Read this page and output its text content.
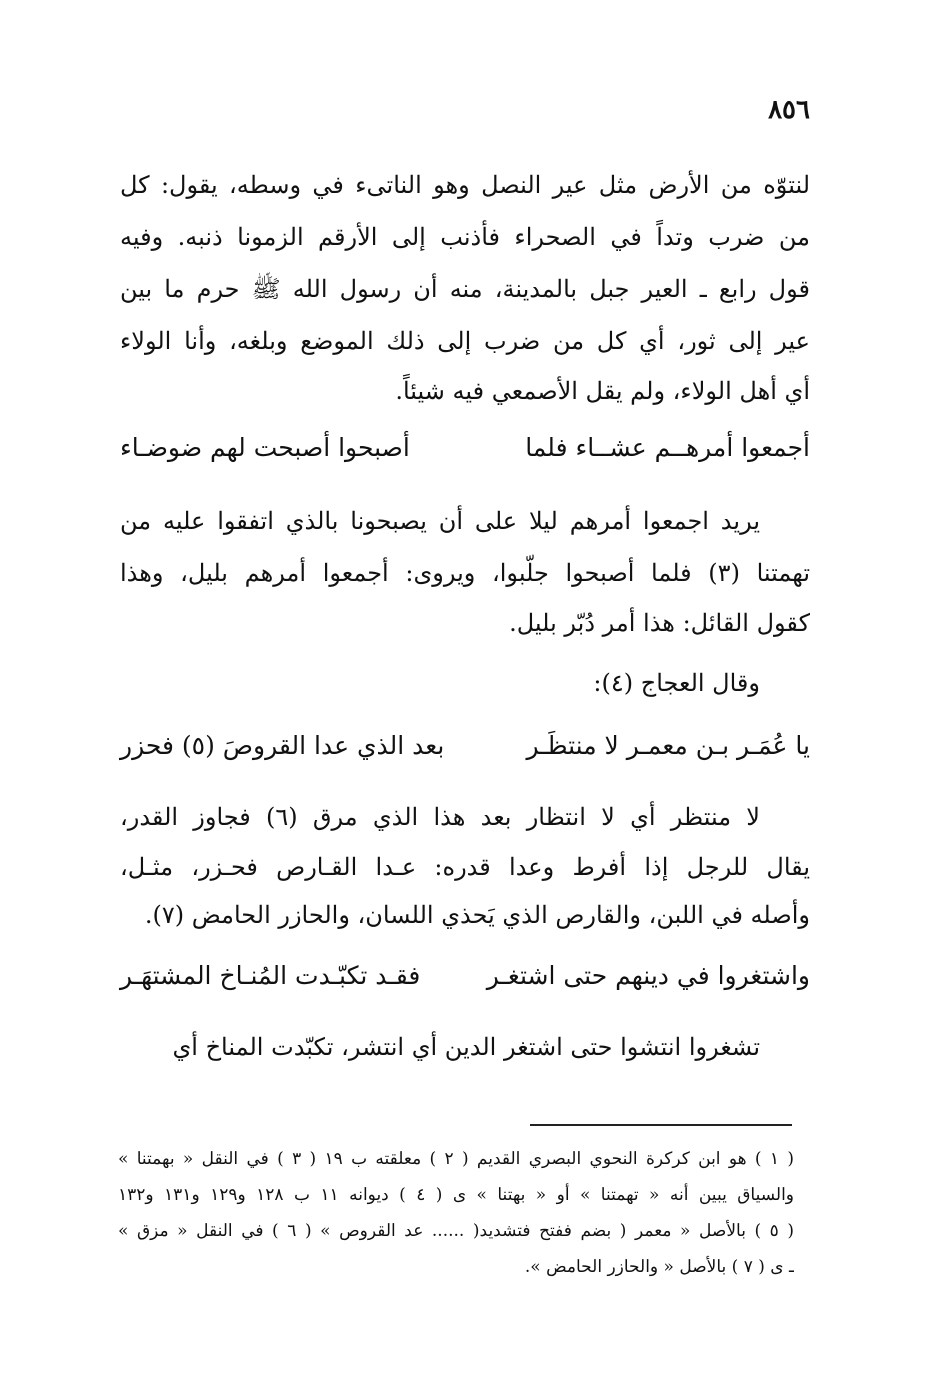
٨٥٦
لنتوّه من الأرض مثل عير النصل وهو الناتىء في وسطه، يقول: كل
من ضرب وتداً في الصحراء فأذنب إلى الأرقم الزمونا ذنبه. وفيه
قول رابع ـ العير جبل بالمدينة، منه أن رسول الله ﷺ حرم ما بين
عير إلى ثور، أي كل من ضرب إلى ذلك الموضع وبلغه، وأنا الولاء
أي أهل الولاء، ولم يقل الأصمعي فيه شيئاً.
أجمعوا أمرهــم عشــاء فلما
أصبحوا أصبحت لهم ضوضـاء
يريد اجمعوا أمرهم ليلا على أن يصبحونا بالذي اتفقوا عليه من
تهمتنا (٣) فلما أصبحوا جلّبوا، ويروى: أجمعوا أمرهم بليل، وهذا
كقول القائل: هذا أمر دُبّر بليل.
وقال العجاج (٤):
يا عُمَـر بـن معمـر لا منتظَـر
بعد الذي عدا القروصَ (٥) فحزر
لا منتظر أي لا انتظار بعد هذا الذي مرق (٦) فجاوز القدر،
يقال للرجل إذا أفرط وعدا قدره: عـدا القـارص فحـزر، مثـل،
وأصله في اللبن، والقارص الذي يَحذي اللسان، والحازر الحامض (٧).
واشتغروا في دينهم حتى اشتغـر
فقـد تكبّـدت المُنـاخ المشتهَـر
تشغروا انتشوا حتى اشتغر الدين أي انتشر، تكبّدت المناخ أي
( ١ ) هو ابن كركرة النحوي البصري القديم ( ٢ ) معلقته ب ١٩ ( ٣ ) في النقل « بهمتنا »
والسياق يبين أنه « تهمتنا » أو « بهتنا » ى ( ٤ ) ديوانه ١١ ب ١٢٨ و١٢٩ و١٣١ و١٣٢
( ٥ ) بالأصل « معمر ( بضم ففتح فتشديد( ...... عد القروص » ( ٦ ) في النقل « مزق »
ـ ى ( ٧ ) بالأصل « والحازر الحامض ».
